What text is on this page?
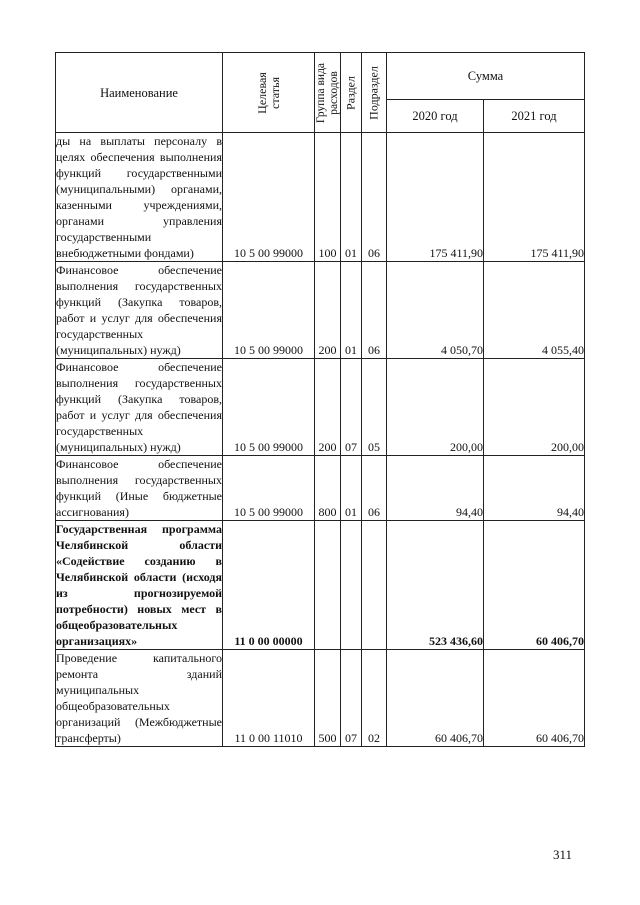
Наименование	Целевая статья	Группа вида расходов	Раздел	Подраздел	Сумма	
					2020 год	2021 год
ды на выплаты персоналу в целях обеспечения выполнения функций государственными (муниципальными) органами, казенными учреждениями, органами управления государственными внебюджетными фондами)	10 5 00 99000	100	01	06	175 411,90	175 411,90
Финансовое обеспечение выполнения государственных функций (Закупка товаров, работ и услуг для обеспечения государственных (муниципальных) нужд)	10 5 00 99000	200	01	06	4 050,70	4 055,40
Финансовое обеспечение выполнения государственных функций (Закупка товаров, работ и услуг для обеспечения государственных (муниципальных) нужд)	10 5 00 99000	200	07	05	200,00	200,00
Финансовое обеспечение выполнения государственных функций (Иные бюджетные ассигнования)	10 5 00 99000	800	01	06	94,40	94,40
Государственная программа Челябинской области «Содействие созданию в Челябинской области (исходя из прогнозируемой потребности) новых мест в общеобразовательных организациях»	11 0 00 00000				523 436,60	60 406,70
Проведение капитального ремонта зданий муниципальных общеобразовательных организаций (Межбюджетные трансферты)	11 0 00 11010	500	07	02	60 406,70	60 406,70
311
